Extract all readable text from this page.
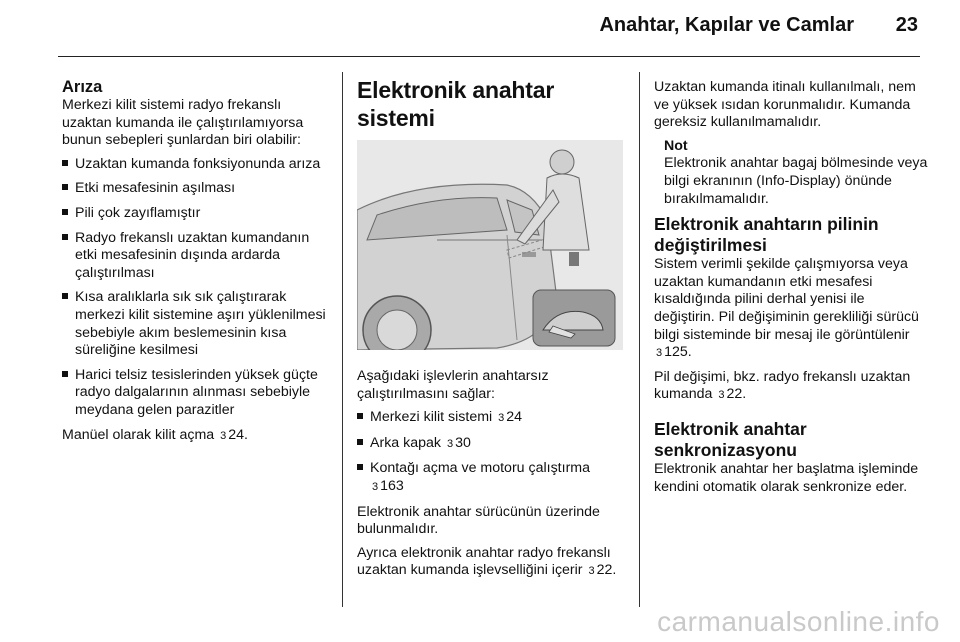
Anahtar, Kapılar ve Camlar 23
Arıza

Merkezi kilit sistemi radyo frekanslı uzaktan kumanda ile çalıştırılamıyorsa bunun sebepleri şunlardan biri olabilir:

Uzaktan kumanda fonksiyonunda arıza
Etki mesafesinin aşılması
Pili çok zayıflamıştır
Radyo frekanslı uzaktan kumandanın etki mesafesinin dışında ardarda çalıştırılması
Kısa aralıklarla sık sık çalıştırarak merkezi kilit sistemine aşırı yüklenilmesi sebebiyle akım beslemesinin kısa süreliğine kesilmesi
Harici telsiz tesislerinden yüksek güçte radyo dalgalarının alınması sebebiyle meydana gelen parazitler

Manüel olarak kilit açma 3 24.

Elektronik anahtar sistemi

Aşağıdaki işlevlerin anahtarsız çalıştırılmasını sağlar:

Merkezi kilit sistemi 3 24
Arka kapak 3 30
Kontağı açma ve motoru çalıştırma 3 163

Elektronik anahtar sürücünün üzerinde bulunmalıdır.

Ayrıca elektronik anahtar radyo frekanslı uzaktan kumanda işlevselliğini içerir 3 22.

Uzaktan kumanda itinalı kullanılmalı, nem ve yüksek ısıdan korunmalıdır. Kumanda gereksiz kullanılmamalıdır.

Not
Elektronik anahtar bagaj bölmesinde veya bilgi ekranının (Info-Display) önünde bırakılmamalıdır.
Elektronik anahtarın pilinin değiştirilmesi

Sistem verimli şekilde çalışmıyorsa veya uzaktan kumandanın etki mesafesi kısaldığında pilini derhal yenisi ile değiştirin. Pil değişiminin gerekliliği sürücü bilgi sisteminde bir mesaj ile görüntülenir 3 125.

Pil değişimi, bkz. radyo frekanslı uzaktan kumanda 3 22.

Elektronik anahtar senkronizasyonu

Elektronik anahtar her başlatma işleminde kendini otomatik olarak senkronize eder.

carmanualsonline.info
